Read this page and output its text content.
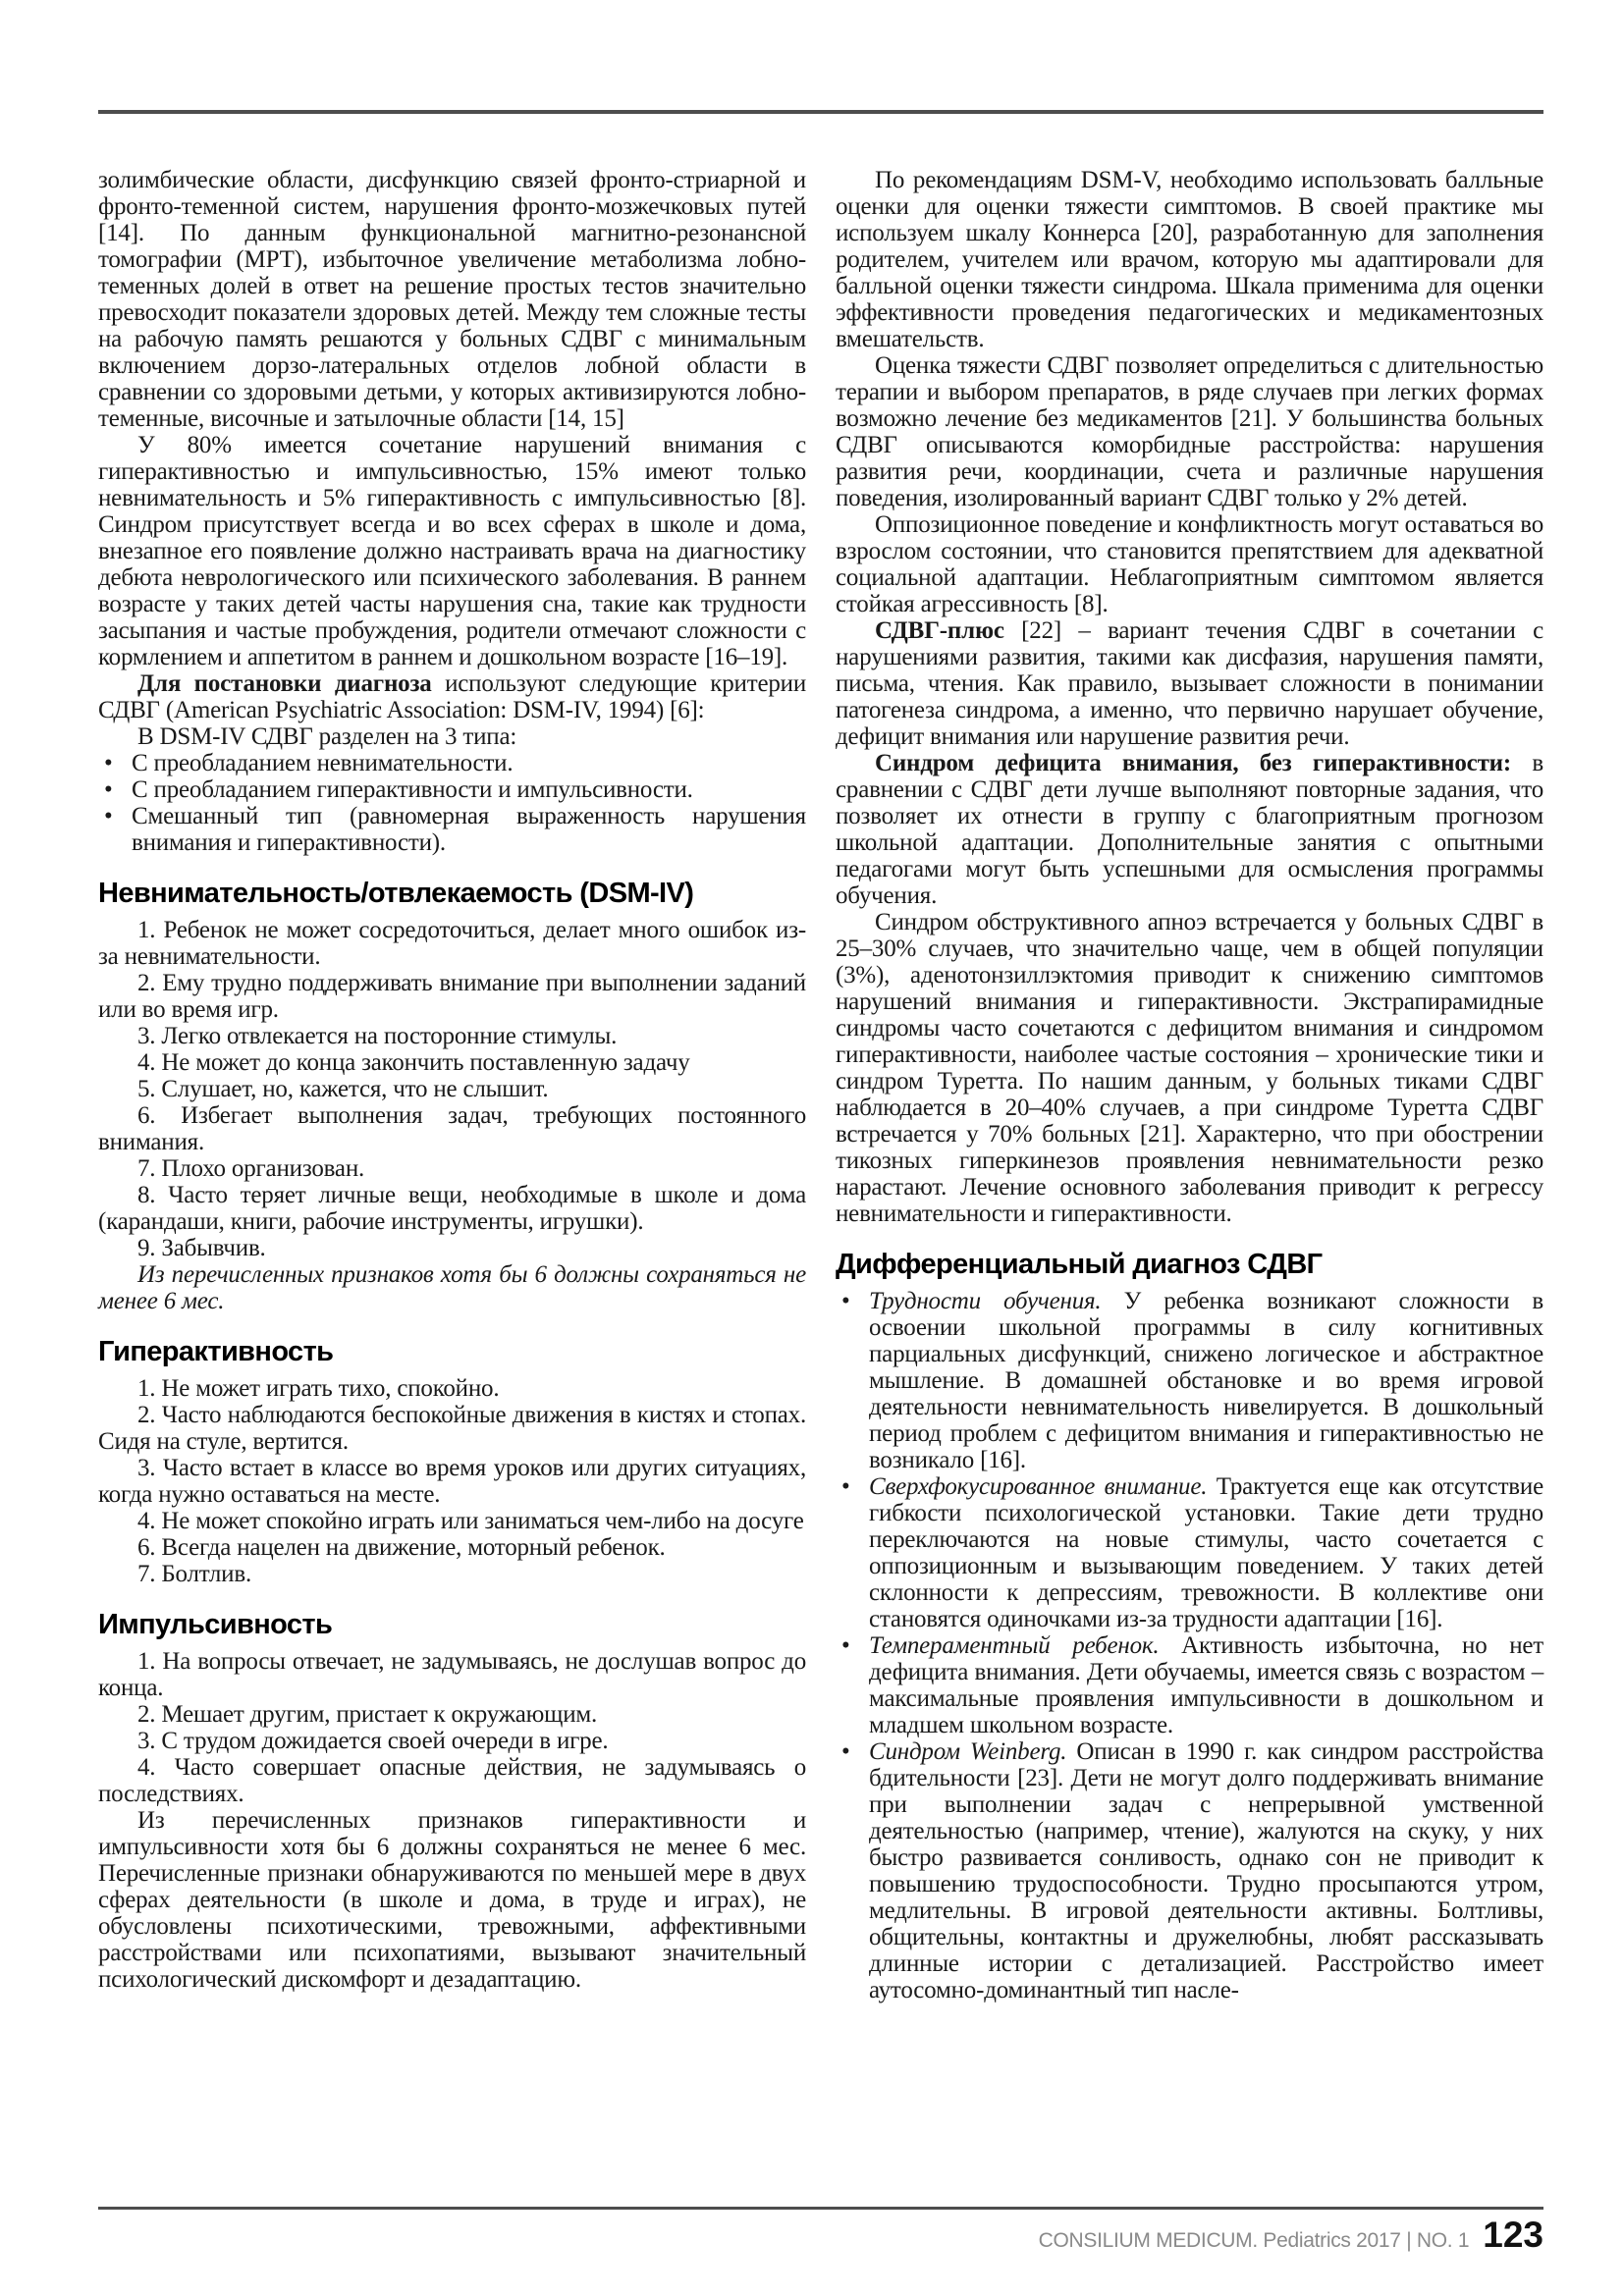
золимбические области, дисфункцию связей фронто-стриарной и фронто-теменной систем, нарушения фронто-мозжечковых путей [14]. По данным функциональной магнитно-резонансной томографии (МРТ), избыточное увеличение метаболизма лобно-теменных долей в ответ на решение простых тестов значительно превосходит показатели здоровых детей. Между тем сложные тесты на рабочую память решаются у больных СДВГ с минимальным включением дорзо-латеральных отделов лобной области в сравнении со здоровыми детьми, у которых активизируются лобно-теменные, височные и затылочные области [14, 15]

У 80% имеется сочетание нарушений внимания с гиперактивностью и импульсивностью, 15% имеют только невнимательность и 5% гиперактивность с импульсивностью [8]. Синдром присутствует всегда и во всех сферах в школе и дома, внезапное его появление должно настраивать врача на диагностику дебюта неврологического или психического заболевания. В раннем возрасте у таких детей часты нарушения сна, такие как трудности засыпания и частые пробуждения, родители отмечают сложности с кормлением и аппетитом в раннем и дошкольном возрасте [16–19].

Для постановки диагноза используют следующие критерии СДВГ (American Psychiatric Association: DSM-IV, 1994) [6]:

В DSM-IV СДВГ разделен на 3 типа:

• С преобладанием невнимательности.

• С преобладанием гиперактивности и импульсивности.

• Смешанный тип (равномерная выраженность нарушения внимания и гиперактивности).

Невнимательность/отвлекаемость (DSM-IV)

1. Ребенок не может сосредоточиться, делает много ошибок из-за невнимательности.

2. Ему трудно поддерживать внимание при выполнении заданий или во время игр.

3. Легко отвлекается на посторонние стимулы.

4. Не может до конца закончить поставленную задачу

5. Слушает, но, кажется, что не слышит.

6. Избегает выполнения задач, требующих постоянного внимания.

7. Плохо организован.

8. Часто теряет личные вещи, необходимые в школе и дома (карандаши, книги, рабочие инструменты, игрушки).

9. Забывчив.

Из перечисленных признаков хотя бы 6 должны сохраняться не менее 6 мес.

Гиперактивность

1. Не может играть тихо, спокойно.

2. Часто наблюдаются беспокойные движения в кистях и стопах. Сидя на стуле, вертится.

3. Часто встает в классе во время уроков или других ситуациях, когда нужно оставаться на месте.

4. Не может спокойно играть или заниматься чем-либо на досуге

6. Всегда нацелен на движение, моторный ребенок.

7. Болтлив.

Импульсивность

1. На вопросы отвечает, не задумываясь, не дослушав вопрос до конца.

2. Мешает другим, пристает к окружающим.

3. С трудом дожидается своей очереди в игре.

4. Часто совершает опасные действия, не задумываясь о последствиях.

Из перечисленных признаков гиперактивности и импульсивности хотя бы 6 должны сохраняться не менее 6 мес. Перечисленные признаки обнаруживаются по меньшей мере в двух сферах деятельности (в школе и дома, в труде и играх), не обусловлены психотическими, тревожными, аффективными расстройствами или психопатиями, вызывают значительный психологический дискомфорт и дезадаптацию.

По рекомендациям DSM-V, необходимо использовать балльные оценки для оценки тяжести симптомов. В своей практике мы используем шкалу Коннерса [20], разработанную для заполнения родителем, учителем или врачом, которую мы адаптировали для балльной оценки тяжести синдрома. Шкала применима для оценки эффективности проведения педагогических и медикаментозных вмешательств.

Оценка тяжести СДВГ позволяет определиться с длительностью терапии и выбором препаратов, в ряде случаев при легких формах возможно лечение без медикаментов [21]. У большинства больных СДВГ описываются коморбидные расстройства: нарушения развития речи, координации, счета и различные нарушения поведения, изолированный вариант СДВГ только у 2% детей.

Оппозиционное поведение и конфликтность могут оставаться во взрослом состоянии, что становится препятствием для адекватной социальной адаптации. Неблагоприятным симптомом является стойкая агрессивность [8].

СДВГ-плюс [22] – вариант течения СДВГ в сочетании с нарушениями развития, такими как дисфазия, нарушения памяти, письма, чтения. Как правило, вызывает сложности в понимании патогенеза синдрома, а именно, что первично нарушает обучение, дефицит внимания или нарушение развития речи.

Синдром дефицита внимания, без гиперактивности: в сравнении с СДВГ дети лучше выполняют повторные задания, что позволяет их отнести в группу с благоприятным прогнозом школьной адаптации. Дополнительные занятия с опытными педагогами могут быть успешными для осмысления программы обучения.

Синдром обструктивного апноэ встречается у больных СДВГ в 25–30% случаев, что значительно чаще, чем в общей популяции (3%), аденотонзиллэктомия приводит к снижению симптомов нарушений внимания и гиперактивности. Экстрапирамидные синдромы часто сочетаются с дефицитом внимания и синдромом гиперактивности, наиболее частые состояния – хронические тики и синдром Туретта. По нашим данным, у больных тиками СДВГ наблюдается в 20–40% случаев, а при синдроме Туретта СДВГ встречается у 70% больных [21]. Характерно, что при обострении тикозных гиперкинезов проявления невнимательности резко нарастают. Лечение основного заболевания приводит к регрессу невнимательности и гиперактивности.

Дифференциальный диагноз СДВГ

• Трудности обучения. У ребенка возникают сложности в освоении школьной программы в силу когнитивных парциальных дисфункций, снижено логическое и абстрактное мышление. В домашней обстановке и во время игровой деятельности невнимательность нивелируется. В дошкольный период проблем с дефицитом внимания и гиперактивностью не возникало [16].

• Сверхфокусированное внимание. Трактуется еще как отсутствие гибкости психологической установки. Такие дети трудно переключаются на новые стимулы, часто сочетается с оппозиционным и вызывающим поведением. У таких детей склонности к депрессиям, тревожности. В коллективе они становятся одиночками из-за трудности адаптации [16].

• Темпераментный ребенок. Активность избыточна, но нет дефицита внимания. Дети обучаемы, имеется связь с возрастом – максимальные проявления импульсивности в дошкольном и младшем школьном возрасте.

• Синдром Weinberg. Описан в 1990 г. как синдром расстройства бдительности [23]. Дети не могут долго поддерживать внимание при выполнении задач с непрерывной умственной деятельностью (например, чтение), жалуются на скуку, у них быстро развивается сонливость, однако сон не приводит к повышению трудоспособности. Трудно просыпаются утром, медлительны. В игровой деятельности активны. Болтливы, общительны, контактны и дружелюбны, любят рассказывать длинные истории с детализацией. Расстройство имеет аутосомно-доминантный тип насле-

CONSILIUM MEDICUM. Pediatrics 2017 | NO. 1 123
